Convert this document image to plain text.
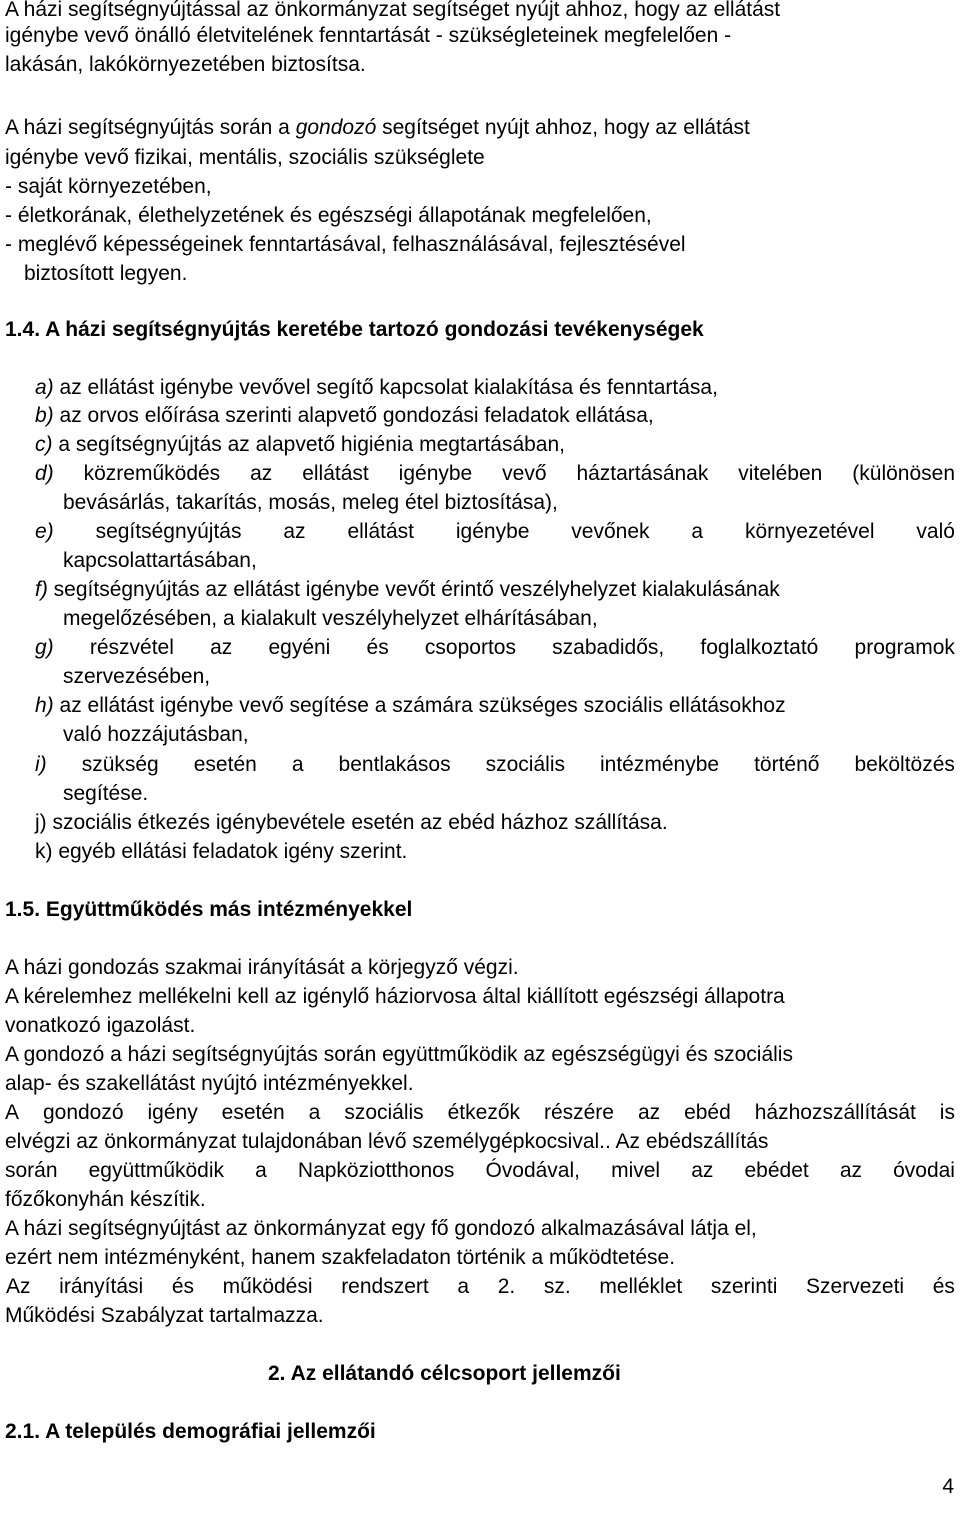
A házi segítségnyújtással az önkormányzat segítséget nyújt ahhoz, hogy az ellátást
igénybe vevő önálló életvitelének fenntartását - szükségleteinek megfelelően -
lakásán, lakókörnyezetében biztosítsa.
A házi segítségnyújtás során a gondozó segítséget nyújt ahhoz, hogy az ellátást
igénybe vevő fizikai, mentális, szociális szükséglete
- saját környezetében,
- életkorának, élethelyzetének és egészségi állapotának megfelelően,
- meglévő képességeinek fenntartásával, felhasználásával, fejlesztésével
biztosított legyen.
1.4. A házi segítségnyújtás keretébe tartozó gondozási tevékenységek
a) az ellátást igénybe vevővel segítő kapcsolat kialakítása és fenntartása,
b) az orvos előírása szerinti alapvető gondozási feladatok ellátása,
c) a segítségnyújtás az alapvető higiénia megtartásában,
d) közreműködés az ellátást igénybe vevő háztartásának vitelében (különösen
bevásárlás, takarítás, mosás, meleg étel biztosítása),
e) segítségnyújtás az ellátást igénybe vevőnek a környezetével való
kapcsolattartásában,
f) segítségnyújtás az ellátást igénybe vevőt érintő veszélyhelyzet kialakulásának
megelőzésében, a kialakult veszélyhelyzet elhárításában,
g) részvétel az egyéni és csoportos szabadidős, foglalkoztató programok
szervezésében,
h) az ellátást igénybe vevő segítése a számára szükséges szociális ellátásokhoz
való hozzájutásban,
i) szükség esetén a bentlakásos szociális intézménybe történő beköltözés
segítése.
j) szociális étkezés igénybevétele esetén az ebéd házhoz szállítása.
k) egyéb ellátási feladatok igény szerint.
1.5. Együttműködés más intézményekkel
A házi gondozás szakmai irányítását a körjegyző végzi.
A kérelemhez mellékelni kell az igénylő háziorvosa által kiállított egészségi állapotra
vonatkozó igazolást.
A gondozó a házi segítségnyújtás során együttműködik az egészségügyi és szociális
alap- és szakellátást nyújtó intézményekkel.
A gondozó igény esetén a szociális étkezők részére az ebéd házhozszállítását is
elvégzi az önkormányzat tulajdonában lévő személygépkocsival.. Az ebédszállítás
során együttműködik a Napköziotthonos Óvodával, mivel az ebédet az óvodai
főzőkonyhán készítik.
A házi segítségnyújtást az önkormányzat egy fő gondozó alkalmazásával látja el,
ezért nem intézményként, hanem szakfeladaton történik a működtetése.
Az irányítási és működési rendszert a 2. sz. melléklet szerinti Szervezeti és
Működési Szabályzat tartalmazza.
2. Az ellátandó célcsoport jellemzői
2.1. A település demográfiai jellemzői
4
